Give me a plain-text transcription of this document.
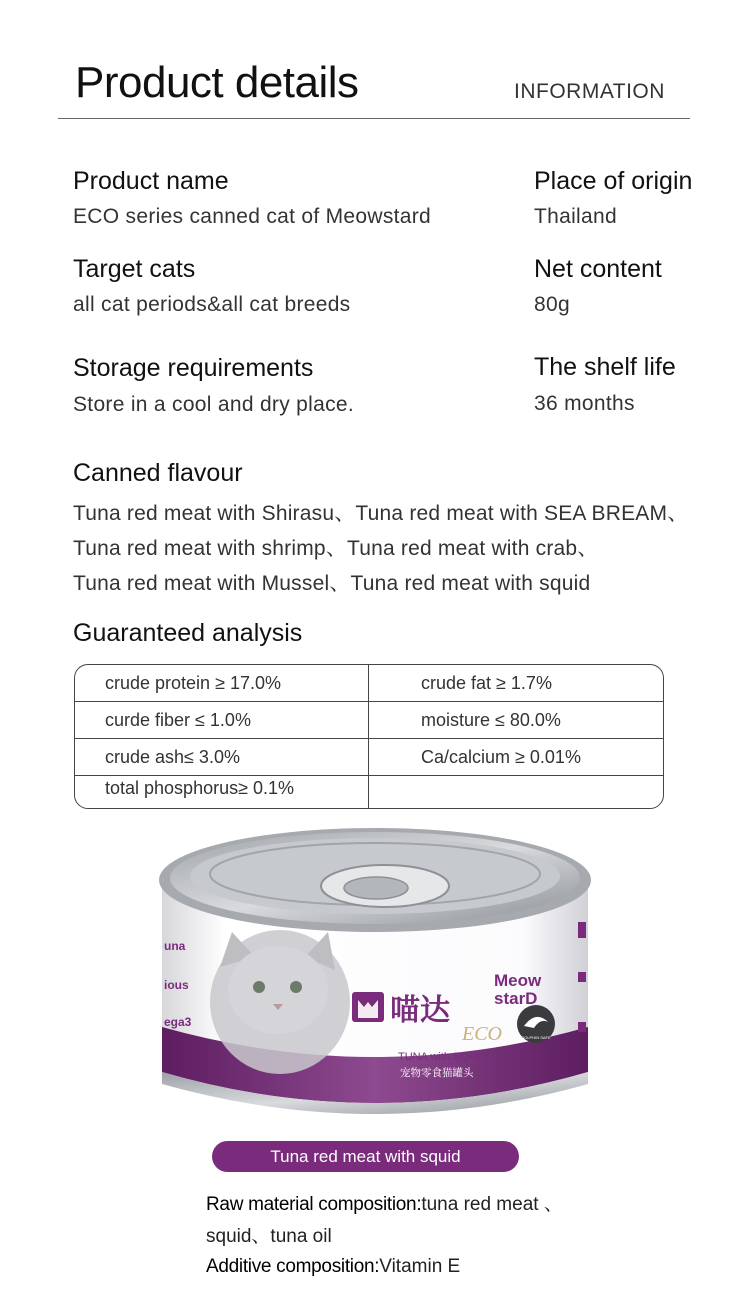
Product details	INFORMATION
Product name
ECO series canned cat of Meowstard
Place of origin
Thailand
Target cats
all cat periods&all cat breeds
Net content
80g
Storage requirements
Store in a cool and dry place.
The shelf life
36 months
Canned flavour
Tuna red meat with Shirasu、Tuna red meat with SEA BREAM、
Tuna red meat with shrimp、Tuna red meat with crab、
Tuna red meat with Mussel、Tuna red meat with squid
Guaranteed analysis
crude protein ≥ 17.0%	crude fat ≥ 1.7%
curde fiber ≤ 1.0%	moisture ≤ 80.0%
crude ash≤ 3.0%	Ca/calcium ≥ 0.01%
total phosphorus≥ 0.1%
una
ious
ega3	喵达
Meow
starD
ECO
TUNA with SQUID
宠物零食猫罐头
DOLPHIN SAFE
Tuna red meat with squid
Raw material composition:tuna red meat 、
squid、tuna oil
Additive composition:Vitamin E
